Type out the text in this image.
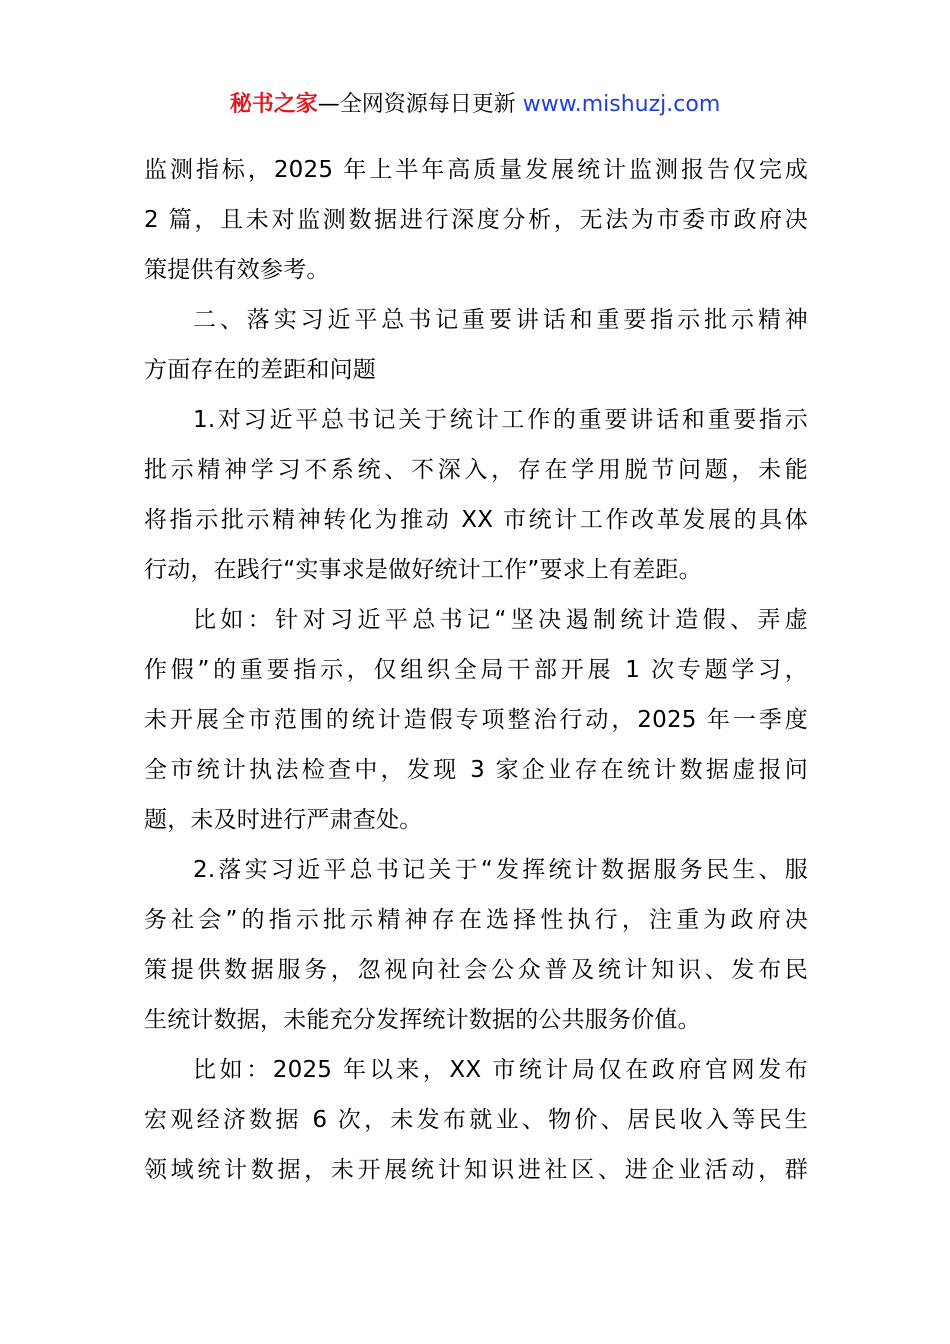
秘书之家—全网资源每日更新 www.mishuzj.com
监测指标，2025 年上半年高质量发展统计监测报告仅完成
2 篇，且未对监测数据进行深度分析，无法为市委市政府决
策提供有效参考。
二、落实习近平总书记重要讲话和重要指示批示精神
方面存在的差距和问题
1.对习近平总书记关于统计工作的重要讲话和重要指示
批示精神学习不系统、不深入，存在学用脱节问题，未能
将指示批示精神转化为推动 XX 市统计工作改革发展的具体
行动，在践行“实事求是做好统计工作”要求上有差距。
比如：针对习近平总书记“坚决遏制统计造假、弄虚
作假”的重要指示，仅组织全局干部开展 1 次专题学习，
未开展全市范围的统计造假专项整治行动，2025 年一季度
全市统计执法检查中，发现 3 家企业存在统计数据虚报问
题，未及时进行严肃查处。
2.落实习近平总书记关于“发挥统计数据服务民生、服
务社会”的指示批示精神存在选择性执行，注重为政府决
策提供数据服务，忽视向社会公众普及统计知识、发布民
生统计数据，未能充分发挥统计数据的公共服务价值。
比如：2025 年以来，XX 市统计局仅在政府官网发布
宏观经济数据 6 次，未发布就业、物价、居民收入等民生
领域统计数据，未开展统计知识进社区、进企业活动，群
